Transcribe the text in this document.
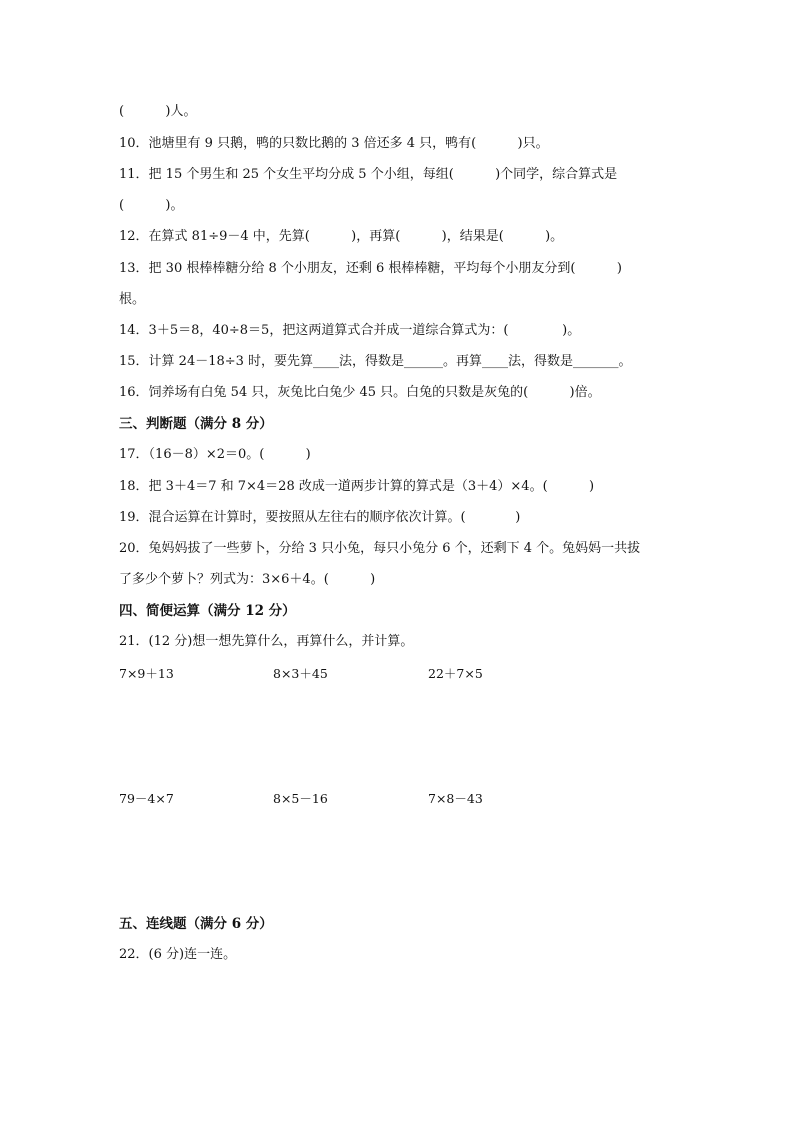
(          )人。
10．池塘里有 9 只鹅，鸭的只数比鹅的 3 倍还多 4 只，鸭有(          )只。
11．把 15 个男生和 25 个女生平均分成 5 个小组，每组(          )个同学，综合算式是
(          )。
12．在算式 81÷9－4 中，先算(          )，再算(          )，结果是(          )。
13．把 30 根棒棒糖分给 8 个小朋友，还剩 6 根棒棒糖，平均每个小朋友分到(          )
根。
14．3＋5＝8，40÷8＝5，把这两道算式合并成一道综合算式为：(             )。
15．计算 24－18÷3 时，要先算____法，得数是______。再算____法，得数是_______。
16．饲养场有白兔 54 只，灰兔比白兔少 45 只。白兔的只数是灰兔的(          )倍。
三、判断题（满分 8 分）
17．（16－8）×2＝0。(          )
18．把 3＋4＝7 和 7×4＝28 改成一道两步计算的算式是（3＋4）×4。(          )
19．混合运算在计算时，要按照从左往右的顺序依次计算。(            )
20．兔妈妈拔了一些萝卜，分给 3 只小兔，每只小兔分 6 个，还剩下 4 个。兔妈妈一共拔
了多少个萝卜？列式为：3×6＋4。(          )
四、简便运算（满分 12 分）
21．(12 分)想一想先算什么，再算什么，并计算。
7×9＋13	8×3＋45	22＋7×5
79－4×7	8×5－16	7×8－43
五、连线题（满分 6 分）
22．(6 分)连一连。
